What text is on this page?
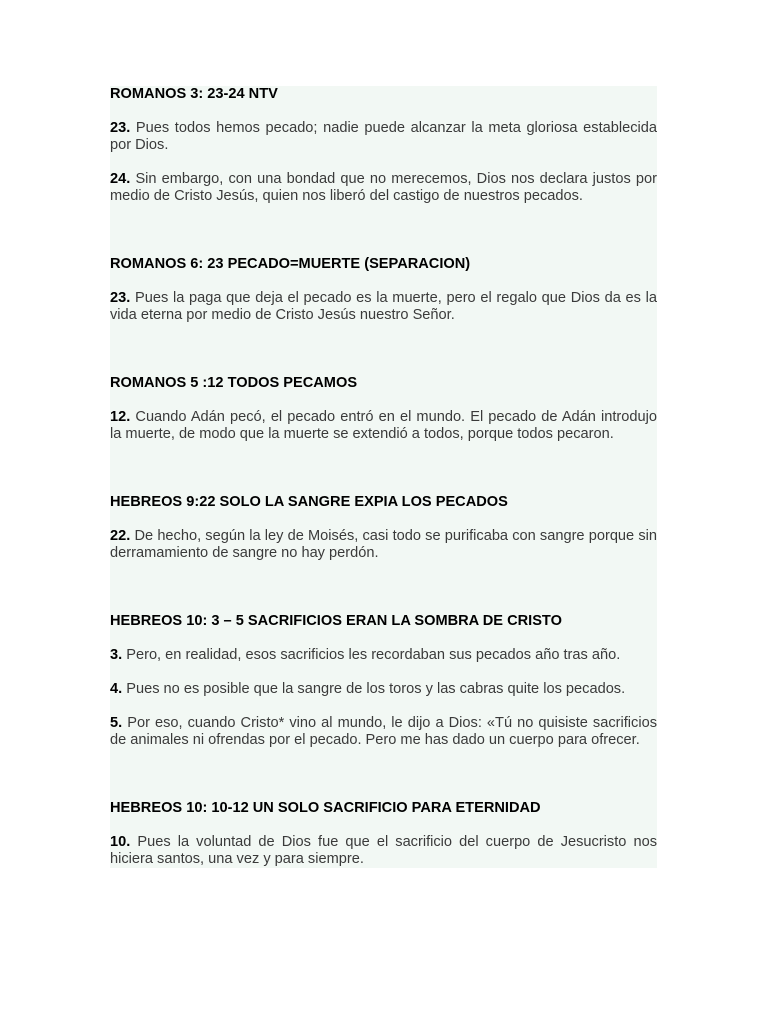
ROMANOS 3: 23-24 NTV

23. Pues todos hemos pecado; nadie puede alcanzar la meta gloriosa establecida por Dios.

24. Sin embargo, con una bondad que no merecemos, Dios nos declara justos por medio de Cristo Jesús, quien nos liberó del castigo de nuestros pecados.

ROMANOS 6: 23 PECADO=MUERTE (SEPARACION)

23. Pues la paga que deja el pecado es la muerte, pero el regalo que Dios da es la vida eterna por medio de Cristo Jesús nuestro Señor.

ROMANOS 5 :12 TODOS PECAMOS

12. Cuando Adán pecó, el pecado entró en el mundo. El pecado de Adán introdujo la muerte, de modo que la muerte se extendió a todos, porque todos pecaron.

HEBREOS 9:22 SOLO LA SANGRE EXPIA LOS PECADOS

22. De hecho, según la ley de Moisés, casi todo se purificaba con sangre porque sin derramamiento de sangre no hay perdón.

HEBREOS 10: 3 – 5 SACRIFICIOS ERAN LA SOMBRA DE CRISTO

3. Pero, en realidad, esos sacrificios les recordaban sus pecados año tras año.

4. Pues no es posible que la sangre de los toros y las cabras quite los pecados.

5. Por eso, cuando Cristo* vino al mundo, le dijo a Dios: «Tú no quisiste sacrificios de animales ni ofrendas por el pecado. Pero me has dado un cuerpo para ofrecer.

HEBREOS 10: 10-12 UN SOLO SACRIFICIO PARA ETERNIDAD

10. Pues la voluntad de Dios fue que el sacrificio del cuerpo de Jesucristo nos hiciera santos, una vez y para siempre.
